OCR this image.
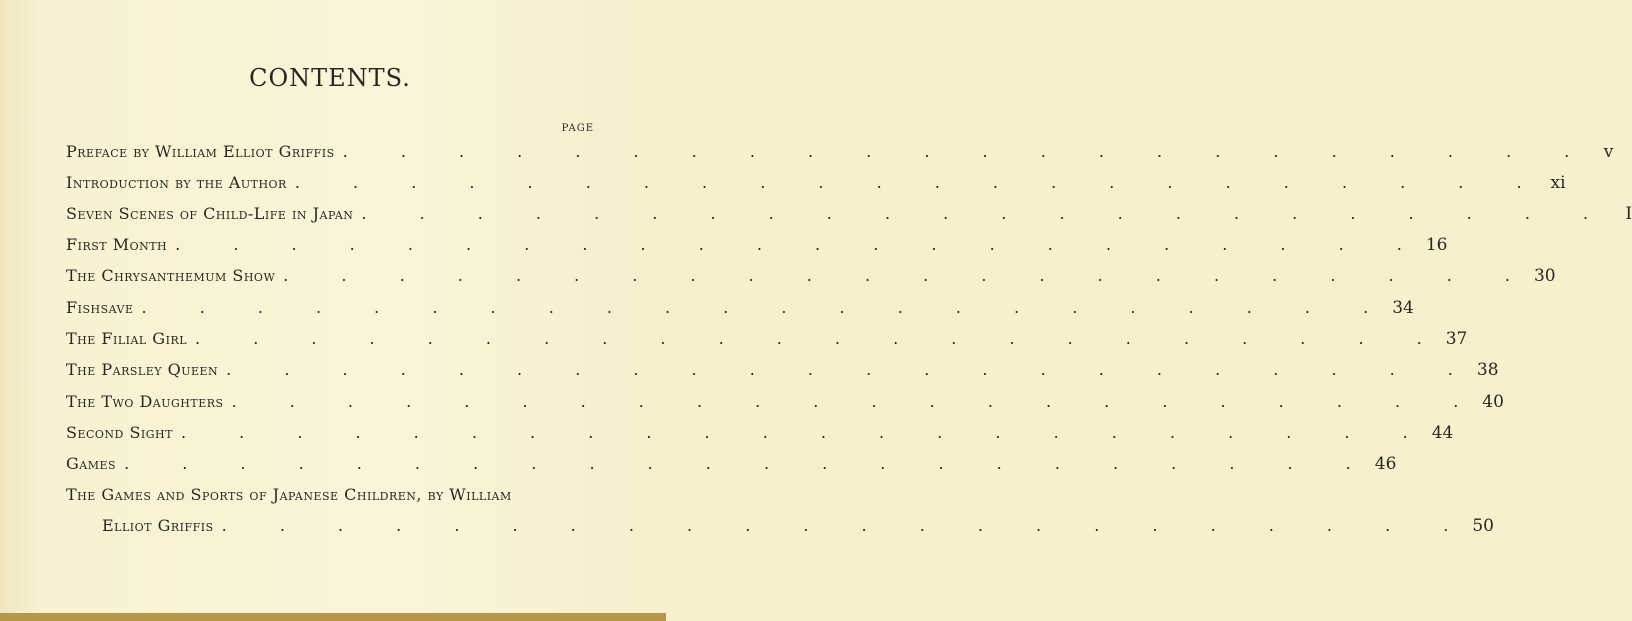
CONTENTS.
PAGE
Preface by William Elliot Griffis . . . . . . . . . . . . . . . . . . . . . . v
Introduction by the Author . . . . . . . . . . . . . . . . . . . . . . xi
Seven Scenes of Child-Life in Japan . . . . . . . . . . . . . . . . . . . . . . I
First Month . . . . . . . . . . . . . . . . . . . . . . 16
The Chrysanthemum Show . . . . . . . . . . . . . . . . . . . . . . 30
Fishsave . . . . . . . . . . . . . . . . . . . . . . 34
The Filial Girl . . . . . . . . . . . . . . . . . . . . . . 37
The Parsley Queen . . . . . . . . . . . . . . . . . . . . . . 38
The Two Daughters . . . . . . . . . . . . . . . . . . . . . . 40
Second Sight . . . . . . . . . . . . . . . . . . . . . . 44
Games . . . . . . . . . . . . . . . . . . . . . . 46
The Games and Sports of Japanese Children, by William
Elliot Griffis . . . . . . . . . . . . . . . . . . . . . . 50
